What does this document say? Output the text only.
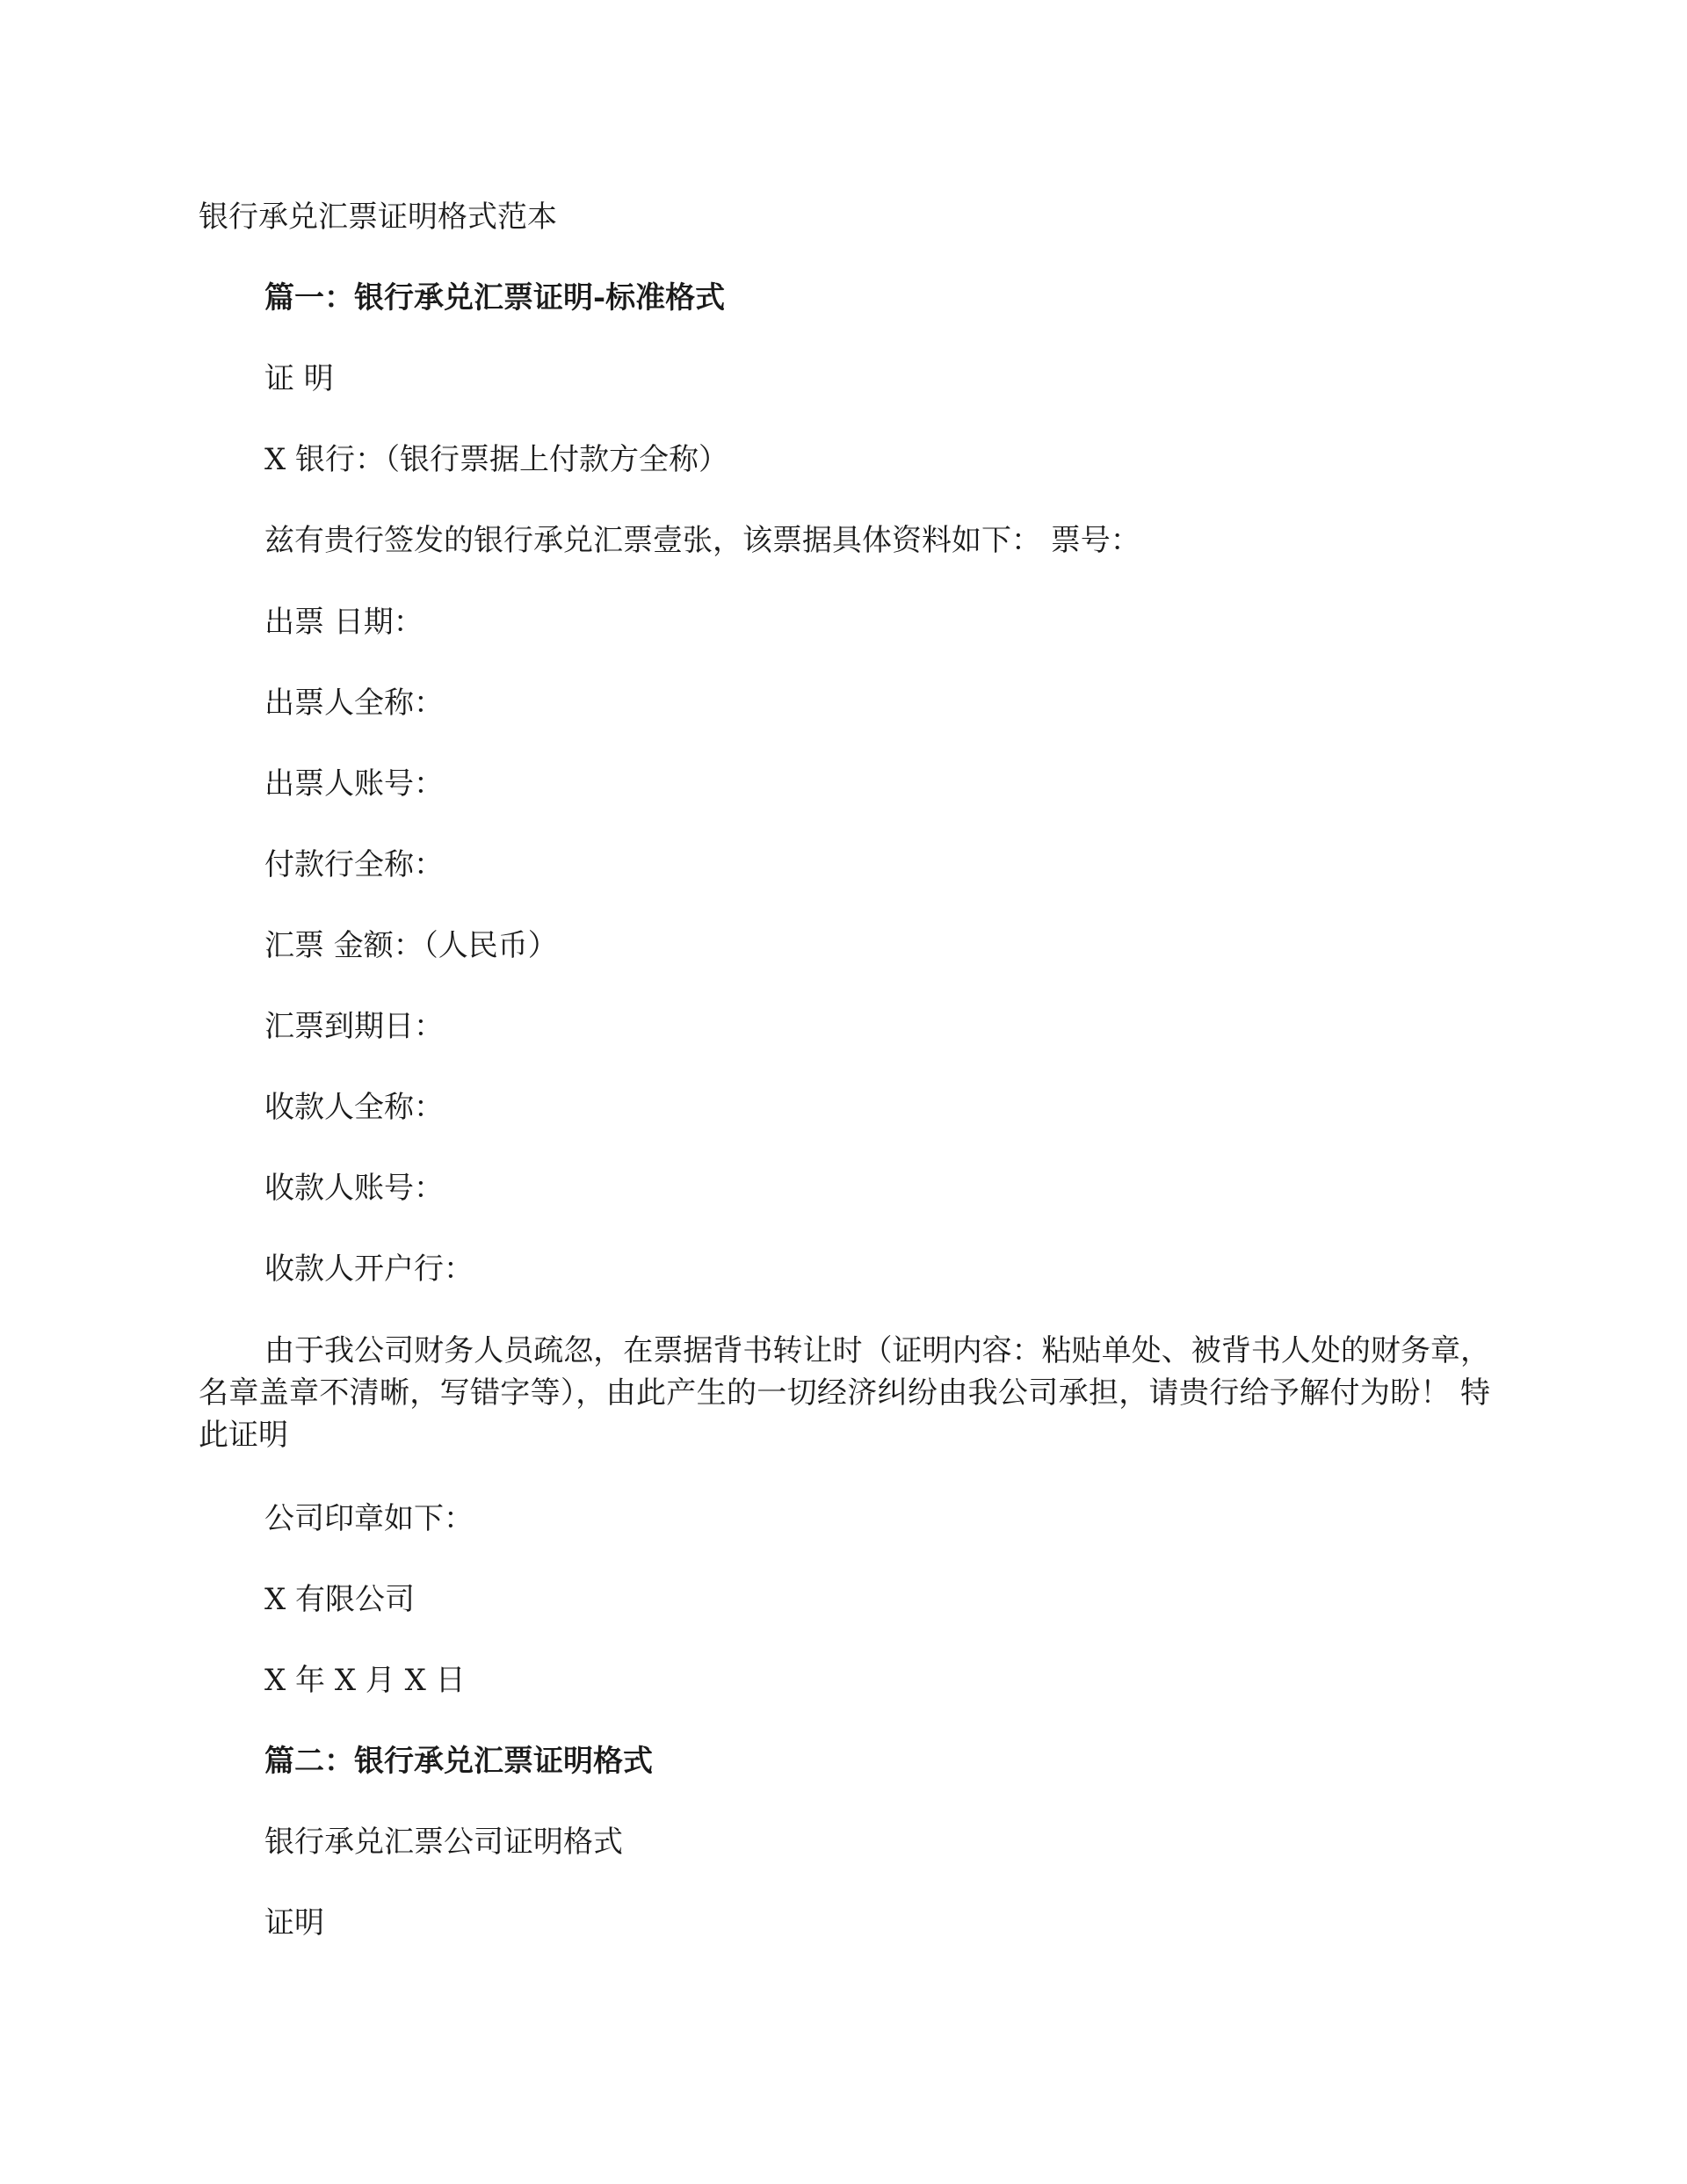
银行承兑汇票证明格式范本
篇一：银行承兑汇票证明-标准格式
证 明
X 银行：（银行票据上付款方全称）
兹有贵行签发的银行承兑汇票壹张，该票据具体资料如下： 票号：
出票 日期：
出票人全称：
出票人账号：
付款行全称：
汇票 金额：（人民币）
汇票到期日：
收款人全称：
收款人账号：
收款人开户行：
由于我公司财务人员疏忽，在票据背书转让时（证明内容：粘贴单处、被背书人处的财务章，名章盖章不清晰，写错字等），由此产生的一切经济纠纷由我公司承担，请贵行给予解付为盼！ 特此证明
公司印章如下：
X 有限公司
X 年 X 月 X 日
篇二：银行承兑汇票证明格式
银行承兑汇票公司证明格式
证明
